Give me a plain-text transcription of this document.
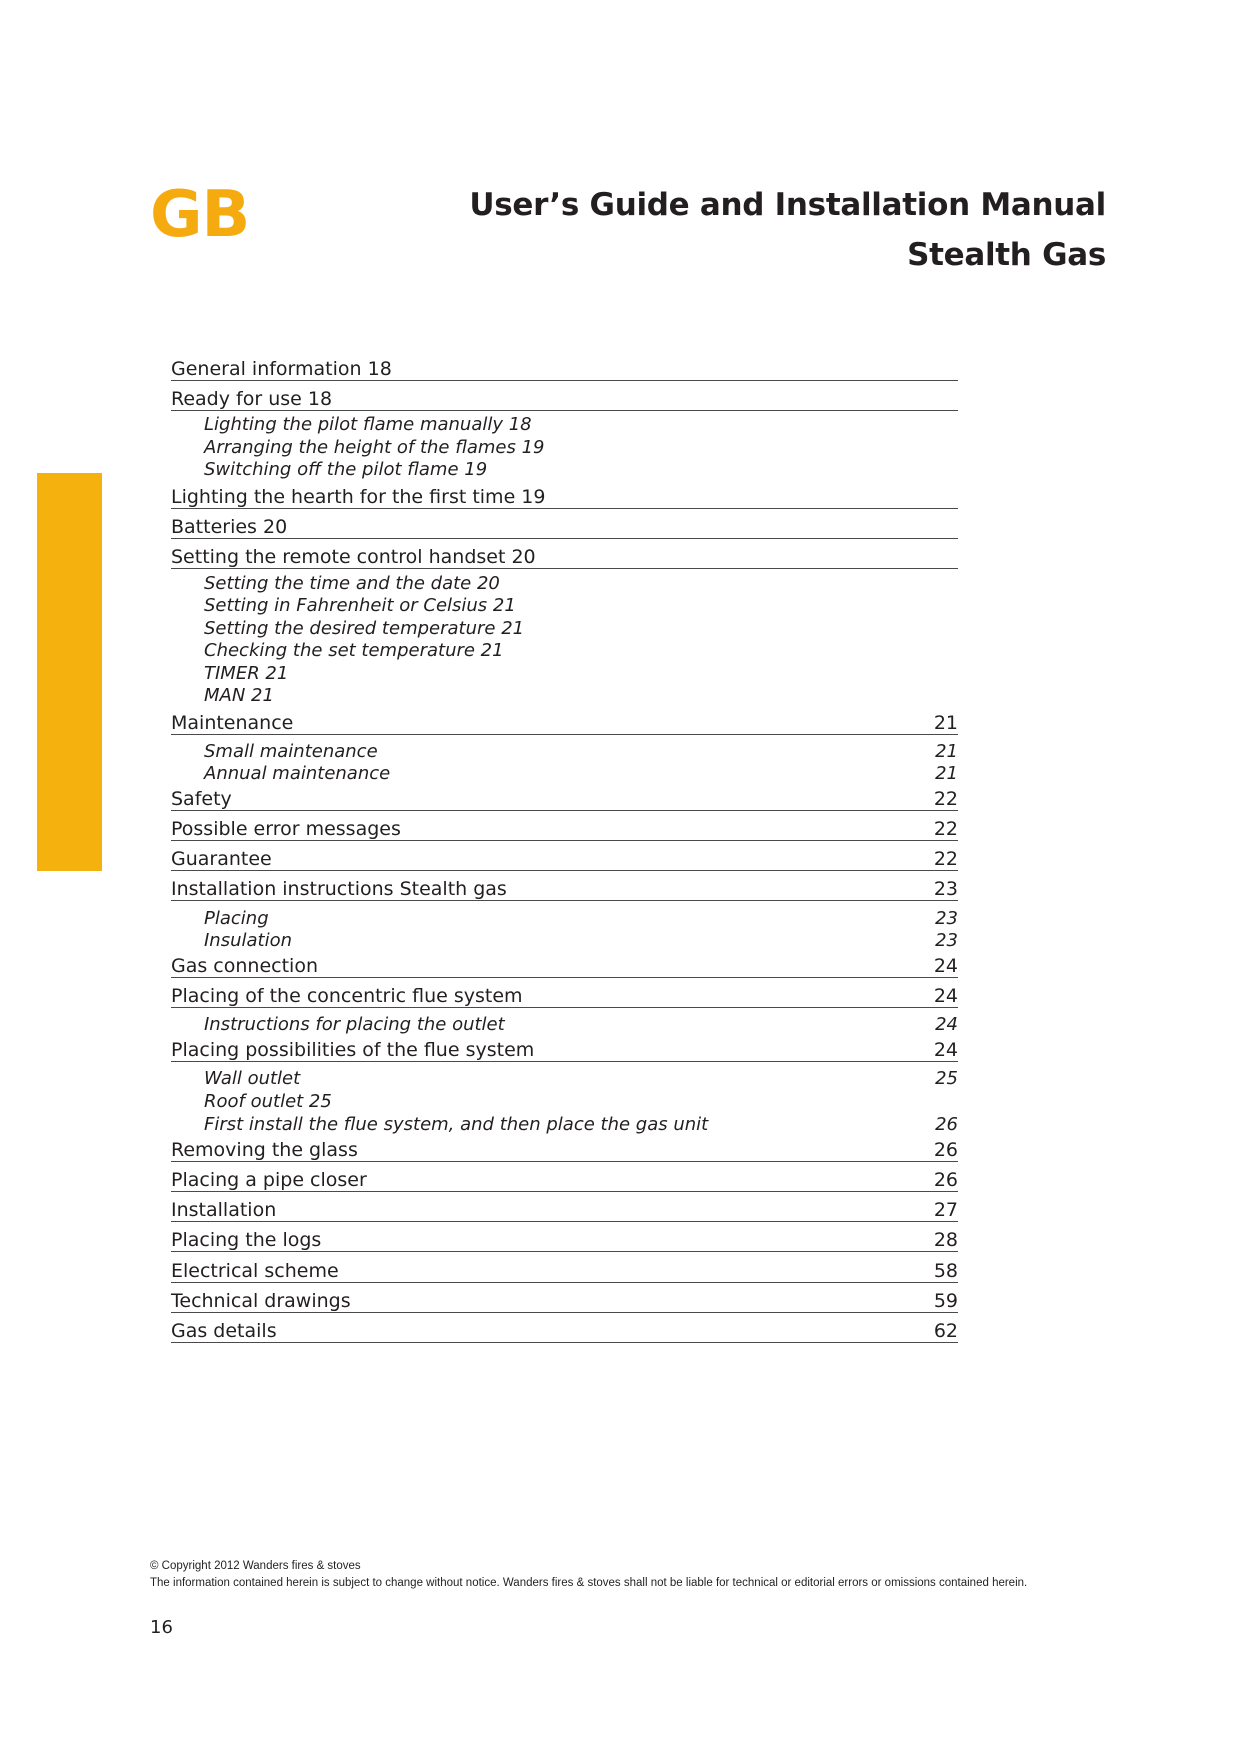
GB	User’s Guide and Installation Manual
Stealth Gas
General information 18
Ready for use 18
Lighting the pilot flame manually 18
Arranging the height of the flames 19
Switching off the pilot flame 19
Lighting the hearth for the first time 19
Batteries 20
Setting the remote control handset 20
Setting the time and the date 20
Setting in Fahrenheit or Celsius 21
Setting the desired temperature 21
Checking the set temperature 21
TIMER 21
MAN 21
Maintenance	21
Small maintenance	21
Annual maintenance	21
Safety	22
Possible error messages	22
Guarantee	22
Installation instructions Stealth gas	23
Placing	23
Insulation	23
Gas connection	24
Placing of the concentric flue system	24
Instructions for placing the outlet	24
Placing possibilities of the flue system	24
Wall outlet	25
Roof outlet 25
First install the flue system, and then place the gas unit	26
Removing the glass	26
Placing a pipe closer	26
Installation	27
Placing the logs	28
Electrical scheme	58
Technical drawings	59
Gas details	62
© Copyright 2012 Wanders fires & stoves
The information contained herein is subject to change without notice. Wanders fires & stoves shall not be liable for technical or editorial errors or omissions contained herein.
16
